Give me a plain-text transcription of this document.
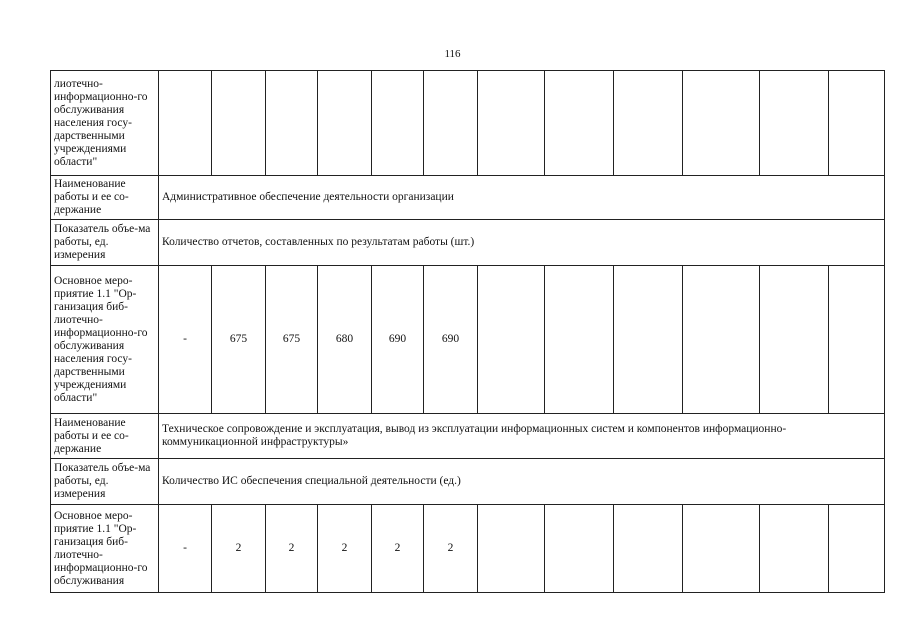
116
лиотечно-информационно-го обслуживания населения госу-дарственными учреждениями области"												
Наименование работы и ее со-держание	Административное обеспечение деятельности организации											
Показатель объе-ма работы, ед. измерения	Количество отчетов, составленных по результатам работы (шт.)											
Основное меро-приятие 1.1 "Ор-ганизация биб-лиотечно-информационно-го обслуживания населения госу-дарственными учреждениями области"	-	675	675	680	690	690						
Наименование работы и ее со-держание	Техническое сопровождение и эксплуатация, вывод из эксплуатации информационных систем и компонентов информационно-коммуникационной инфраструктуры»											
Показатель объе-ма работы, ед. измерения	Количество ИС обеспечения специальной деятельности (ед.)											
Основное меро-приятие 1.1 "Ор-ганизация биб-лиотечно-информационно-го обслуживания	-	2	2	2	2	2						
